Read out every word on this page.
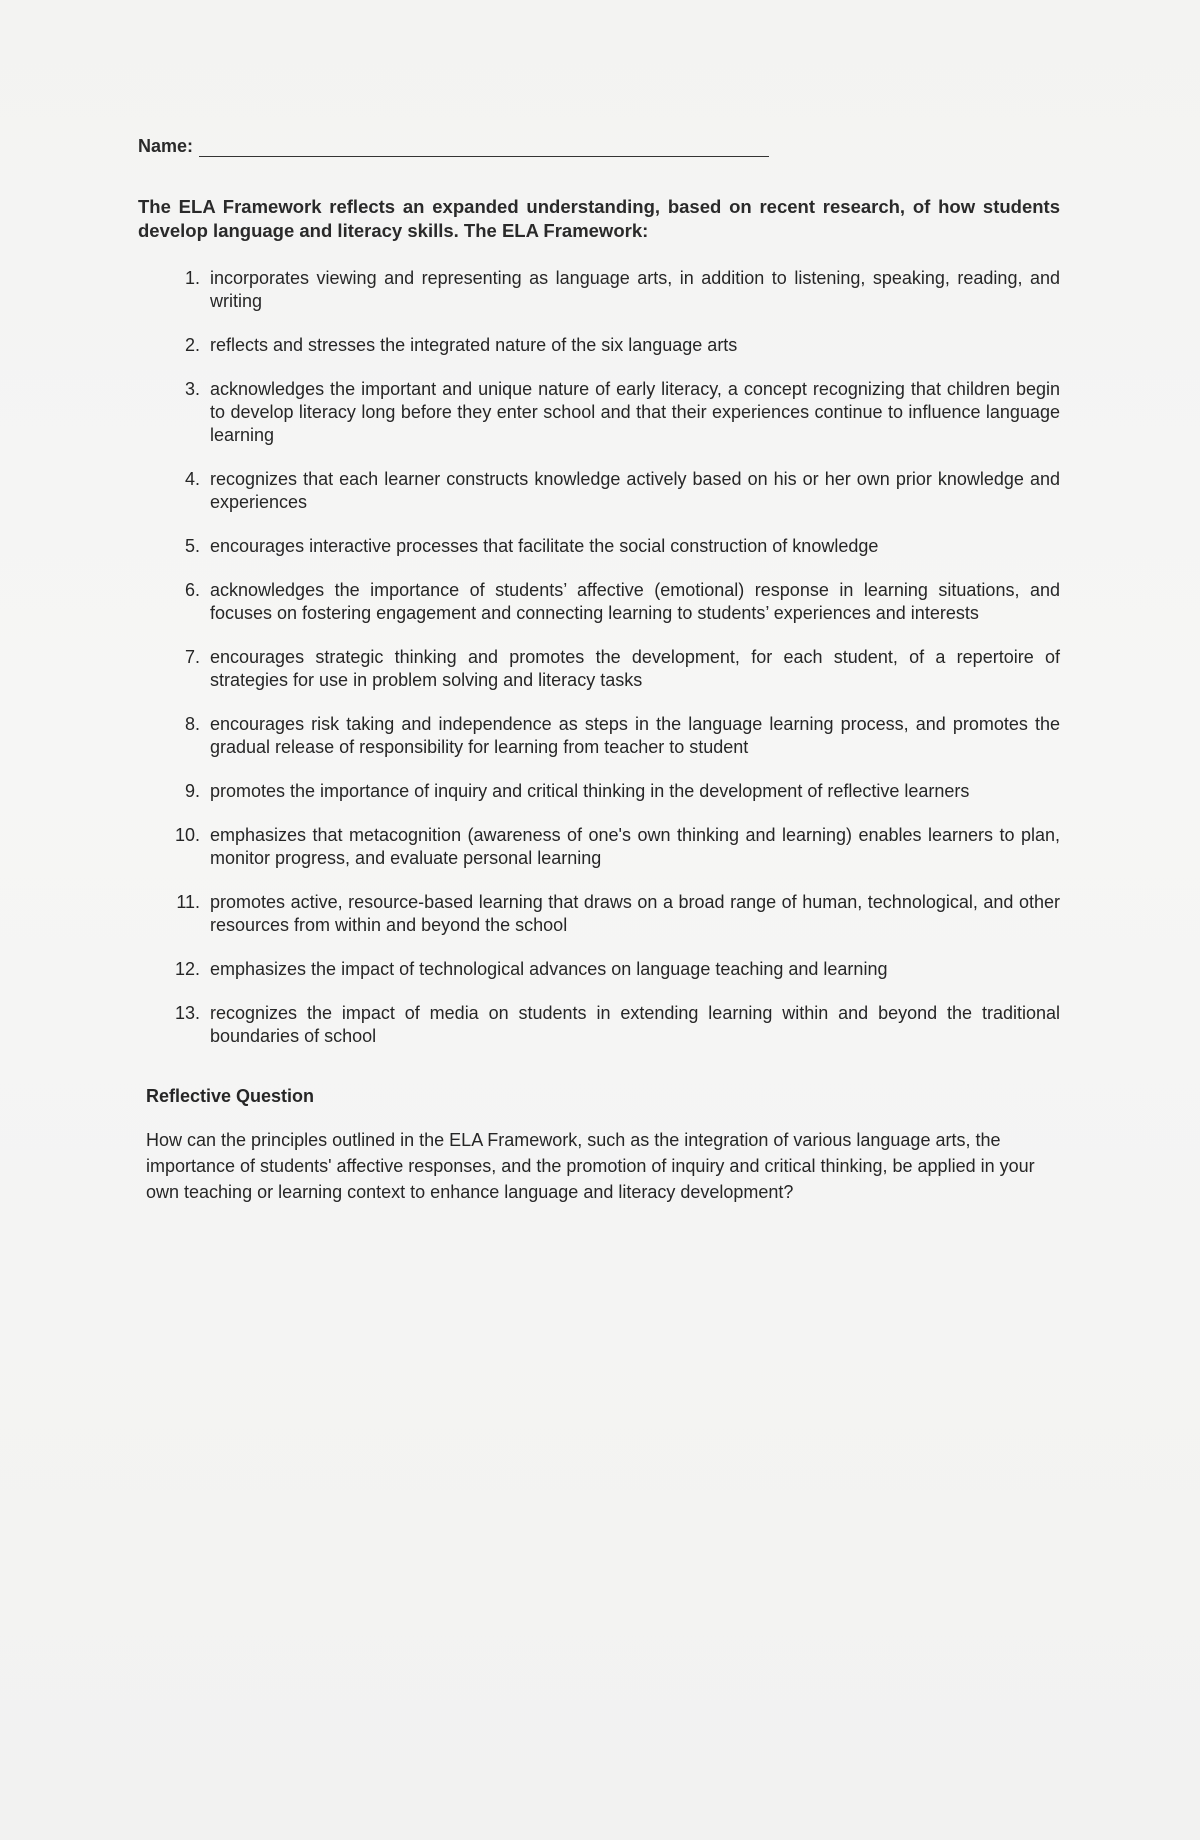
Name:
The ELA Framework reflects an expanded understanding, based on recent research, of how students develop language and literacy skills. The ELA Framework:
1. incorporates viewing and representing as language arts, in addition to listening, speaking, reading, and writing
2. reflects and stresses the integrated nature of the six language arts
3. acknowledges the important and unique nature of early literacy, a concept recognizing that children begin to develop literacy long before they enter school and that their experiences continue to influence language learning
4. recognizes that each learner constructs knowledge actively based on his or her own prior knowledge and experiences
5. encourages interactive processes that facilitate the social construction of knowledge
6. acknowledges the importance of students’ affective (emotional) response in learning situations, and focuses on fostering engagement and connecting learning to students’ experiences and interests
7. encourages strategic thinking and promotes the development, for each student, of a repertoire of strategies for use in problem solving and literacy tasks
8. encourages risk taking and independence as steps in the language learning process, and promotes the gradual release of responsibility for learning from teacher to student
9. promotes the importance of inquiry and critical thinking in the development of reflective learners
10. emphasizes that metacognition (awareness of one's own thinking and learning) enables learners to plan, monitor progress, and evaluate personal learning
11. promotes active, resource-based learning that draws on a broad range of human, technological, and other resources from within and beyond the school
12. emphasizes the impact of technological advances on language teaching and learning
13. recognizes the impact of media on students in extending learning within and beyond the traditional boundaries of school
Reflective Question
How can the principles outlined in the ELA Framework, such as the integration of various language arts, the importance of students' affective responses, and the promotion of inquiry and critical thinking, be applied in your own teaching or learning context to enhance language and literacy development?
